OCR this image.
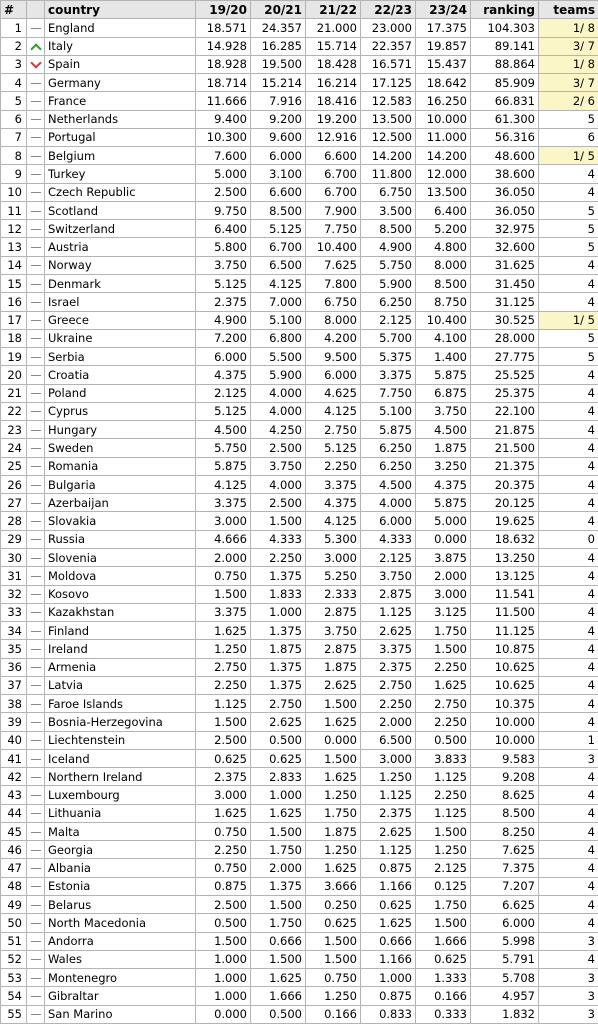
#		country	19/20	20/21	21/22	22/23	23/24	ranking	teams
1		England	18.571	24.357	21.000	23.000	17.375	104.303	1/ 8
2		Italy	14.928	16.285	15.714	22.357	19.857	89.141	3/ 7
3		Spain	18.928	19.500	18.428	16.571	15.437	88.864	1/ 8
4		Germany	18.714	15.214	16.214	17.125	18.642	85.909	3/ 7
5		France	11.666	7.916	18.416	12.583	16.250	66.831	2/ 6
6		Netherlands	9.400	9.200	19.200	13.500	10.000	61.300	5
7		Portugal	10.300	9.600	12.916	12.500	11.000	56.316	6
8		Belgium	7.600	6.000	6.600	14.200	14.200	48.600	1/ 5
9		Turkey	5.000	3.100	6.700	11.800	12.000	38.600	4
10		Czech Republic	2.500	6.600	6.700	6.750	13.500	36.050	4
11		Scotland	9.750	8.500	7.900	3.500	6.400	36.050	5
12		Switzerland	6.400	5.125	7.750	8.500	5.200	32.975	5
13		Austria	5.800	6.700	10.400	4.900	4.800	32.600	5
14		Norway	3.750	6.500	7.625	5.750	8.000	31.625	4
15		Denmark	5.125	4.125	7.800	5.900	8.500	31.450	4
16		Israel	2.375	7.000	6.750	6.250	8.750	31.125	4
17		Greece	4.900	5.100	8.000	2.125	10.400	30.525	1/ 5
18		Ukraine	7.200	6.800	4.200	5.700	4.100	28.000	5
19		Serbia	6.000	5.500	9.500	5.375	1.400	27.775	5
20		Croatia	4.375	5.900	6.000	3.375	5.875	25.525	4
21		Poland	2.125	4.000	4.625	7.750	6.875	25.375	4
22		Cyprus	5.125	4.000	4.125	5.100	3.750	22.100	4
23		Hungary	4.500	4.250	2.750	5.875	4.500	21.875	4
24		Sweden	5.750	2.500	5.125	6.250	1.875	21.500	4
25		Romania	5.875	3.750	2.250	6.250	3.250	21.375	4
26		Bulgaria	4.125	4.000	3.375	4.500	4.375	20.375	4
27		Azerbaijan	3.375	2.500	4.375	4.000	5.875	20.125	4
28		Slovakia	3.000	1.500	4.125	6.000	5.000	19.625	4
29		Russia	4.666	4.333	5.300	4.333	0.000	18.632	0
30		Slovenia	2.000	2.250	3.000	2.125	3.875	13.250	4
31		Moldova	0.750	1.375	5.250	3.750	2.000	13.125	4
32		Kosovo	1.500	1.833	2.333	2.875	3.000	11.541	4
33		Kazakhstan	3.375	1.000	2.875	1.125	3.125	11.500	4
34		Finland	1.625	1.375	3.750	2.625	1.750	11.125	4
35		Ireland	1.250	1.875	2.875	3.375	1.500	10.875	4
36		Armenia	2.750	1.375	1.875	2.375	2.250	10.625	4
37		Latvia	2.250	1.375	2.625	2.750	1.625	10.625	4
38		Faroe Islands	1.125	2.750	1.500	2.250	2.750	10.375	4
39		Bosnia-Herzegovina	1.500	2.625	1.625	2.000	2.250	10.000	4
40		Liechtenstein	2.500	0.500	0.000	6.500	0.500	10.000	1
41		Iceland	0.625	0.625	1.500	3.000	3.833	9.583	3
42		Northern Ireland	2.375	2.833	1.625	1.250	1.125	9.208	4
43		Luxembourg	3.000	1.000	1.250	1.125	2.250	8.625	4
44		Lithuania	1.625	1.625	1.750	2.375	1.125	8.500	4
45		Malta	0.750	1.500	1.875	2.625	1.500	8.250	4
46		Georgia	2.250	1.750	1.250	1.125	1.250	7.625	4
47		Albania	0.750	2.000	1.625	0.875	2.125	7.375	4
48		Estonia	0.875	1.375	3.666	1.166	0.125	7.207	4
49		Belarus	2.500	1.500	0.250	0.625	1.750	6.625	4
50		North Macedonia	0.500	1.750	0.625	1.625	1.500	6.000	4
51		Andorra	1.500	0.666	1.500	0.666	1.666	5.998	3
52		Wales	1.000	1.500	1.500	1.166	0.625	5.791	4
53		Montenegro	1.000	1.625	0.750	1.000	1.333	5.708	3
54		Gibraltar	1.000	1.666	1.250	0.875	0.166	4.957	3
55		San Marino	0.000	0.500	0.166	0.833	0.333	1.832	3
